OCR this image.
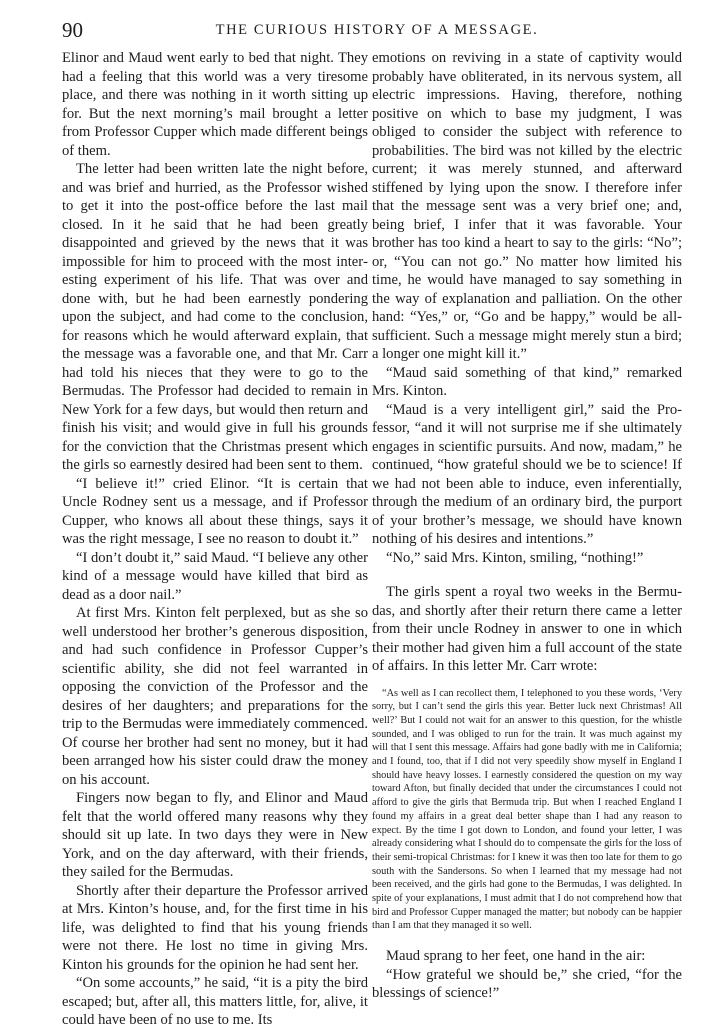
90	THE CURIOUS HISTORY OF A MESSAGE.

Elinor and Maud went early to bed that night. They had a feeling that this world was a very tiresome place, and there was nothing in it worth sitting up for. But the next morning’s mail brought a letter from Professor Cupper which made different beings of them.

The letter had been written late the night before, and was brief and hurried, as the Professor wished to get it into the post-office before the last mail closed. In it he said that he had been greatly disappointed and grieved by the news that it was impossible for him to proceed with the most interesting experiment of his life. That was over and done with, but he had been earnestly pondering upon the subject, and had come to the conclusion, for reasons which he would afterward explain, that the message was a favorable one, and that Mr. Carr had told his nieces that they were to go to the Bermudas. The Professor had decided to remain in New York for a few days, but would then return and finish his visit; and would give in full his grounds for the conviction that the Christmas present which the girls so earnestly desired had been sent to them.

“I believe it!” cried Elinor. “It is certain that Uncle Rodney sent us a message, and if Professor Cupper, who knows all about these things, says it was the right message, I see no reason to doubt it.”

“I don’t doubt it,” said Maud. “I believe any other kind of a message would have killed that bird as dead as a door nail.”

At first Mrs. Kinton felt perplexed, but as she so well understood her brother’s generous disposition, and had such confidence in Professor Cupper’s scientific ability, she did not feel warranted in opposing the conviction of the Professor and the desires of her daughters; and preparations for the trip to the Bermudas were immediately commenced. Of course her brother had sent no money, but it had been arranged how his sister could draw the money on his account.

Fingers now began to fly, and Elinor and Maud felt that the world offered many reasons why they should sit up late. In two days they were in New York, and on the day afterward, with their friends, they sailed for the Bermudas.

Shortly after their departure the Professor arrived at Mrs. Kinton’s house, and, for the first time in his life, was delighted to find that his young friends were not there. He lost no time in giving Mrs. Kinton his grounds for the opinion he had sent her.

“On some accounts,” he said, “it is a pity the bird escaped; but, after all, this matters little, for, alive, it could have been of no use to me. Its

emotions on reviving in a state of captivity would probably have obliterated, in its nervous system, all electric impressions. Having, therefore, nothing positive on which to base my judgment, I was obliged to consider the subject with reference to probabilities. The bird was not killed by the electric current; it was merely stunned, and afterward stiffened by lying upon the snow. I therefore infer that the message sent was a very brief one; and, being brief, I infer that it was favorable. Your brother has too kind a heart to say to the girls: “No”; or, “You can not go.” No matter how limited his time, he would have managed to say something in the way of explanation and palliation. On the other hand: “Yes,” or, “Go and be happy,” would be all-sufficient. Such a message might merely stun a bird; a longer one might kill it.”

“Maud said something of that kind,” remarked Mrs. Kinton.

“Maud is a very intelligent girl,” said the Professor, “and it will not surprise me if she ultimately engages in scientific pursuits. And now, madam,” he continued, “how grateful should we be to science! If we had not been able to induce, even inferentially, through the medium of an ordinary bird, the purport of your brother’s message, we should have known nothing of his desires and intentions.”

“No,” said Mrs. Kinton, smiling, “nothing!”

The girls spent a royal two weeks in the Bermudas, and shortly after their return there came a letter from their uncle Rodney in answer to one in which their mother had given him a full account of the state of affairs. In this letter Mr. Carr wrote:

“As well as I can recollect them, I telephoned to you these words, ‘Very sorry, but I can’t send the girls this year. Better luck next Christmas! All well?’ But I could not wait for an answer to this question, for the whistle sounded, and I was obliged to run for the train. It was much against my will that I sent this message. Affairs had gone badly with me in California; and I found, too, that if I did not very speedily show myself in England I should have heavy losses. I earnestly considered the question on my way toward Afton, but finally decided that under the circumstances I could not afford to give the girls that Bermuda trip. But when I reached England I found my affairs in a great deal better shape than I had any reason to expect. By the time I got down to London, and found your letter, I was already considering what I should do to compensate the girls for the loss of their semi-tropical Christmas: for I knew it was then too late for them to go south with the Sandersons. So when I learned that my message had not been received, and the girls had gone to the Bermudas, I was delighted. In spite of your explanations, I must admit that I do not comprehend how that bird and Professor Cupper managed the matter; but nobody can be happier than I am that they managed it so well.

Maud sprang to her feet, one hand in the air:

“How grateful we should be,” she cried, “for the blessings of science!”
